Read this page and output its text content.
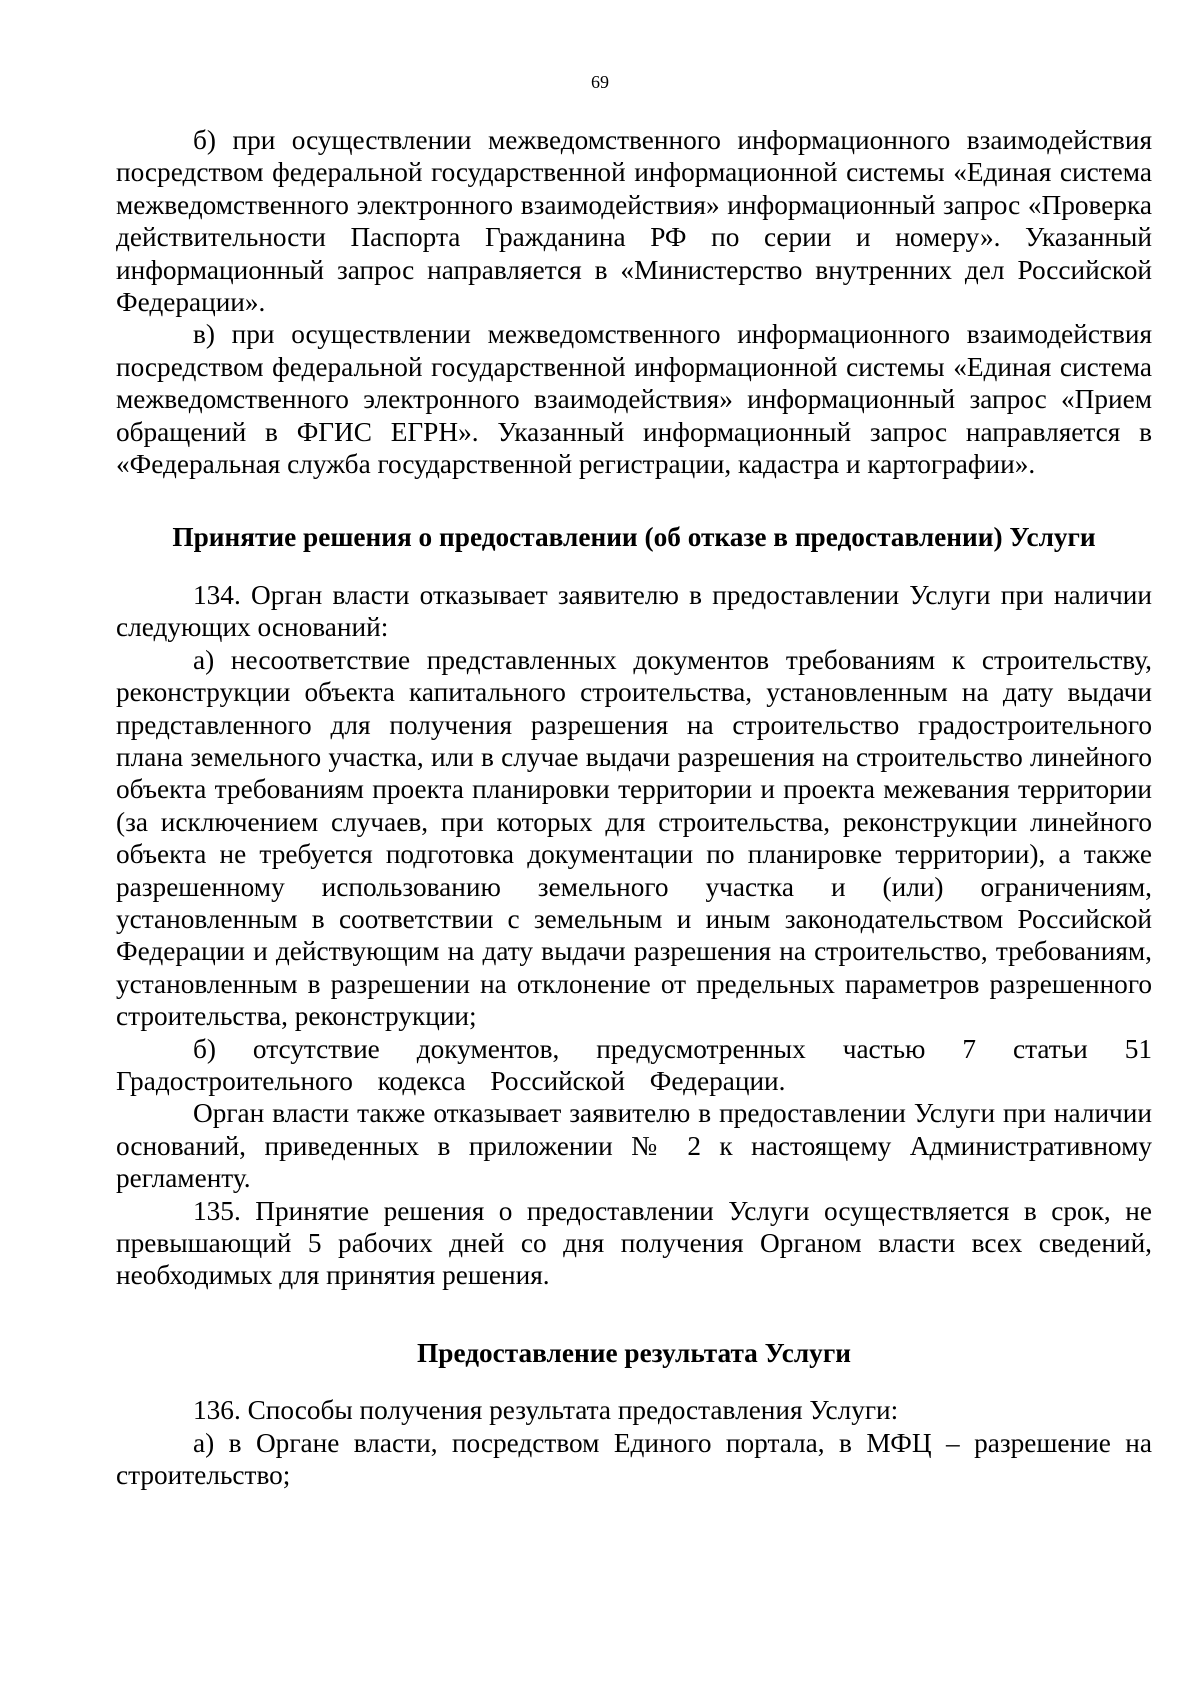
69

б) при осуществлении межведомственного информационного взаимодействия посредством федеральной государственной информационной системы «Единая система межведомственного электронного взаимодействия» информационный запрос «Проверка действительности Паспорта Гражданина РФ по серии и номеру». Указанный информационный запрос направляется в «Министерство внутренних дел Российской Федерации».

в) при осуществлении межведомственного информационного взаимодействия посредством федеральной государственной информационной системы «Единая система межведомственного электронного взаимодействия» информационный запрос «Прием обращений в ФГИС ЕГРН». Указанный информационный запрос направляется в «Федеральная служба государственной регистрации, кадастра и картографии».

Принятие решения о предоставлении (об отказе в предоставлении) Услуги

134. Орган власти отказывает заявителю в предоставлении Услуги при наличии следующих оснований:

а) несоответствие представленных документов требованиям к строительству, реконструкции объекта капитального строительства, установленным на дату выдачи представленного для получения разрешения на строительство градостроительного плана земельного участка, или в случае выдачи разрешения на строительство линейного объекта требованиям проекта планировки территории и проекта межевания территории (за исключением случаев, при которых для строительства, реконструкции линейного объекта не требуется подготовка документации по планировке территории), а также разрешенному использованию земельного участка и (или) ограничениям, установленным в соответствии с земельным и иным законодательством Российской Федерации и действующим на дату выдачи разрешения на строительство, требованиям, установленным в разрешении на отклонение от предельных параметров разрешенного строительства, реконструкции;

б) отсутствие документов, предусмотренных частью 7 статьи 51 Градостроительного кодекса Российской Федерации.

Орган власти также отказывает заявителю в предоставлении Услуги при наличии оснований, приведенных в приложении № 2 к настоящему Административному регламенту.

135. Принятие решения о предоставлении Услуги осуществляется в срок, не превышающий 5 рабочих дней со дня получения Органом власти всех сведений, необходимых для принятия решения.

Предоставление результата Услуги

136. Способы получения результата предоставления Услуги:

а) в Органе власти, посредством Единого портала, в МФЦ – разрешение на строительство;
